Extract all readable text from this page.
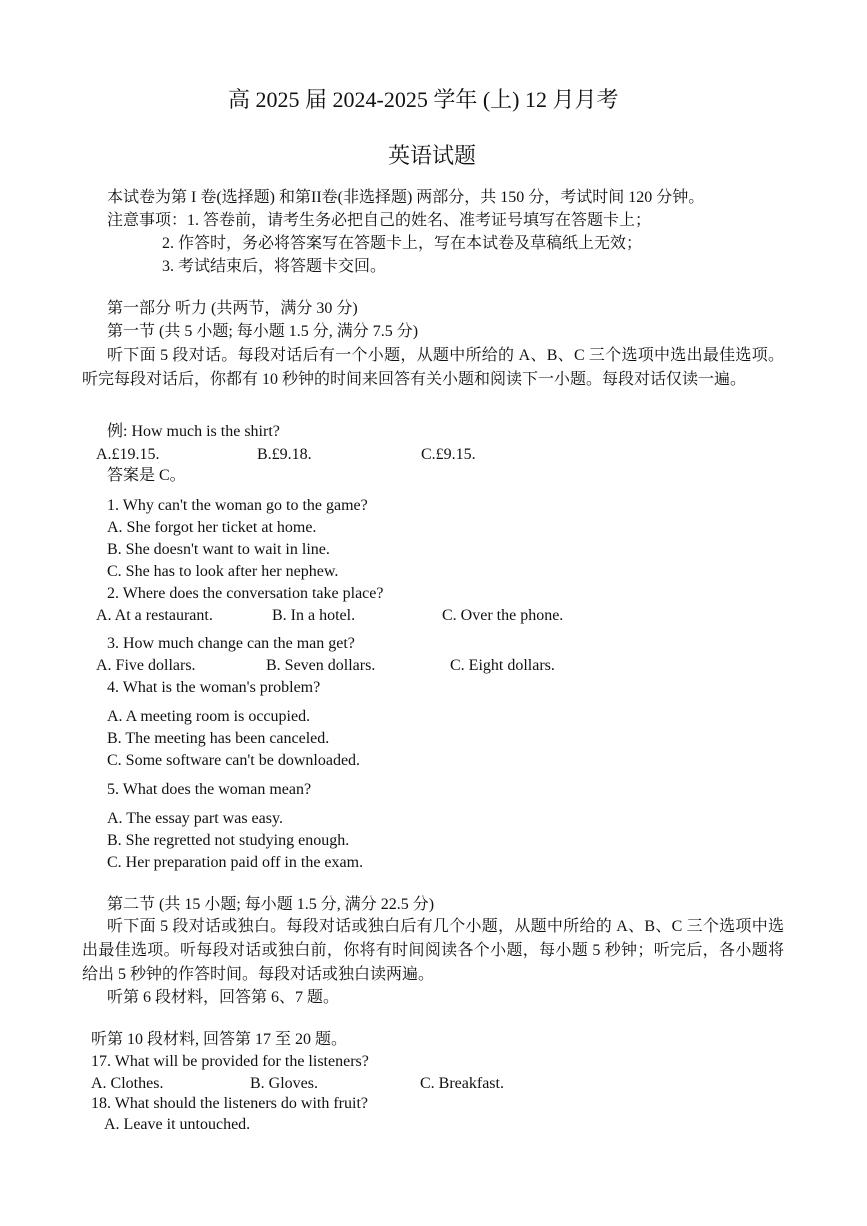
高 2025 届 2024-2025 学年 (上) 12 月月考
英语试题
本试卷为第 I 卷(选择题) 和第II卷(非选择题) 两部分，共 150 分，考试时间 120 分钟。
注意事项：1. 答卷前，请考生务必把自己的姓名、准考证号填写在答题卡上；
2. 作答时，务必将答案写在答题卡上，写在本试卷及草稿纸上无效；
3. 考试结束后，将答题卡交回。
第一部分 听力 (共两节，满分 30 分)
第一节 (共 5 小题; 每小题 1.5 分, 满分 7.5 分)
听下面 5 段对话。每段对话后有一个小题，从题中所给的 A、B、C 三个选项中选出最佳选项。听完每段对话后，你都有 10 秒钟的时间来回答有关小题和阅读下一小题。每段对话仅读一遍。
例: How much is the shirt?
A.£19.15.	B.£9.18.	C.£9.15.
答案是 C。
1. Why can't the woman go to the game?
A. She forgot her ticket at home.
B. She doesn't want to wait in line.
C. She has to look after her nephew.
2. Where does the conversation take place?
A. At a restaurant.	B. In a hotel.	C. Over the phone.
3. How much change can the man get?
A. Five dollars.	B. Seven dollars.	C. Eight dollars.
4. What is the woman's problem?
A. A meeting room is occupied.
B. The meeting has been canceled.
C. Some software can't be downloaded.
5. What does the woman mean?
A. The essay part was easy.
B. She regretted not studying enough.
C. Her preparation paid off in the exam.
第二节 (共 15 小题; 每小题 1.5 分, 满分 22.5 分)
听下面 5 段对话或独白。每段对话或独白后有几个小题，从题中所给的 A、B、C 三个选项中选出最佳选项。听每段对话或独白前，你将有时间阅读各个小题，每小题 5 秒钟；听完后，各小题将给出 5 秒钟的作答时间。每段对话或独白读两遍。
听第 6 段材料，回答第 6、7 题。
听第 10 段材料, 回答第 17 至 20 题。
17. What will be provided for the listeners?
A. Clothes.	B. Gloves.	C. Breakfast.
18. What should the listeners do with fruit?
A. Leave it untouched.
